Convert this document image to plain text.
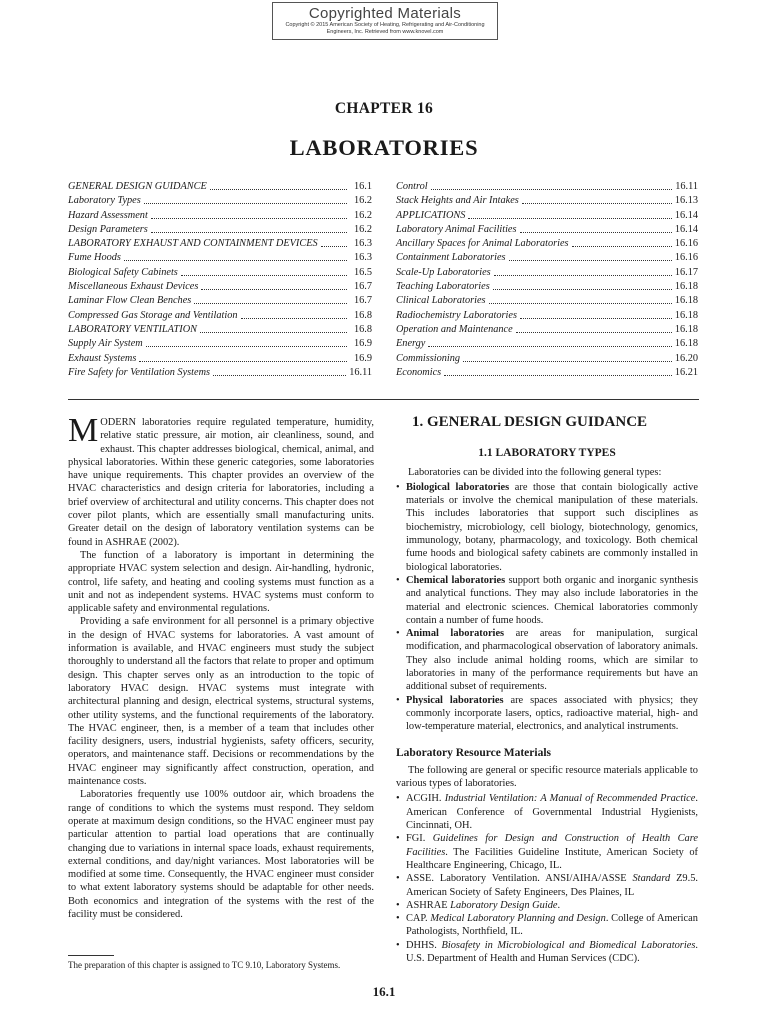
Copyrighted Materials
Copyright © 2015 American Society of Heating, Refrigerating and Air-Conditioning
Engineers, Inc. Retrieved from www.knovel.com
CHAPTER 16
LABORATORIES
GENERAL DESIGN GUIDANCE	16.1
Laboratory Types	16.2
Hazard Assessment	16.2
Design Parameters	16.2
LABORATORY EXHAUST AND CONTAINMENT DEVICES	16.3
Fume Hoods	16.3
Biological Safety Cabinets	16.5
Miscellaneous Exhaust Devices	16.7
Laminar Flow Clean Benches	16.7
Compressed Gas Storage and Ventilation	16.8
LABORATORY VENTILATION	16.8
Supply Air System	16.9
Exhaust Systems	16.9
Fire Safety for Ventilation Systems	16.11
Control	16.11
Stack Heights and Air Intakes	16.13
APPLICATIONS	16.14
Laboratory Animal Facilities	16.14
Ancillary Spaces for Animal Laboratories	16.16
Containment Laboratories	16.16
Scale-Up Laboratories	16.17
Teaching Laboratories	16.18
Clinical Laboratories	16.18
Radiochemistry Laboratories	16.18
Operation and Maintenance	16.18
Energy	16.18
Commissioning	16.20
Economics	16.21

MODERN laboratories require regulated temperature, humidity, relative static pressure, air motion, air cleanliness, sound, and exhaust. This chapter addresses biological, chemical, animal, and physical laboratories. Within these generic categories, some laboratories have unique requirements. This chapter provides an overview of the HVAC characteristics and design criteria for laboratories, including a brief overview of architectural and utility concerns. This chapter does not cover pilot plants, which are essentially small manufacturing units. Greater detail on the design of laboratory ventilation systems can be found in ASHRAE (2002).

The function of a laboratory is important in determining the appropriate HVAC system selection and design. Air-handling, hydronic, control, life safety, and heating and cooling systems must function as a unit and not as independent systems. HVAC systems must conform to applicable safety and environmental regulations.

Providing a safe environment for all personnel is a primary objective in the design of HVAC systems for laboratories. A vast amount of information is available, and HVAC engineers must study the subject thoroughly to understand all the factors that relate to proper and optimum design. This chapter serves only as an introduction to the topic of laboratory HVAC design. HVAC systems must integrate with architectural planning and design, electrical systems, structural systems, other utility systems, and the functional requirements of the laboratory. The HVAC engineer, then, is a member of a team that includes other facility designers, users, industrial hygienists, safety officers, security, operators, and maintenance staff. Decisions or recommendations by the HVAC engineer may significantly affect construction, operation, and maintenance costs.

Laboratories frequently use 100% outdoor air, which broadens the range of conditions to which the systems must respond. They seldom operate at maximum design conditions, so the HVAC engineer must pay particular attention to partial load operations that are continually changing due to variations in internal space loads, exhaust requirements, external conditions, and day/night variances. Most laboratories will be modified at some time. Consequently, the HVAC engineer must consider to what extent laboratory systems should be adaptable for other needs. Both economics and integration of the systems with the rest of the facility must be considered.

The preparation of this chapter is assigned to TC 9.10, Laboratory Systems.
1. GENERAL DESIGN GUIDANCE
1.1 LABORATORY TYPES

Laboratories can be divided into the following general types:

• Biological laboratories are those that contain biologically active materials or involve the chemical manipulation of these materials. This includes laboratories that support such disciplines as biochemistry, microbiology, cell biology, biotechnology, genomics, immunology, botany, pharmacology, and toxicology. Both chemical fume hoods and biological safety cabinets are commonly installed in biological laboratories.
• Chemical laboratories support both organic and inorganic synthesis and analytical functions. They may also include laboratories in the material and electronic sciences. Chemical laboratories commonly contain a number of fume hoods.
• Animal laboratories are areas for manipulation, surgical modification, and pharmacological observation of laboratory animals. They also include animal holding rooms, which are similar to laboratories in many of the performance requirements but have an additional subset of requirements.
• Physical laboratories are spaces associated with physics; they commonly incorporate lasers, optics, radioactive material, high- and low-temperature material, electronics, and analytical instruments.
Laboratory Resource Materials

The following are general or specific resource materials applicable to various types of laboratories.

• ACGIH. Industrial Ventilation: A Manual of Recommended Practice. American Conference of Governmental Industrial Hygienists, Cincinnati, OH.
• FGI. Guidelines for Design and Construction of Health Care Facilities. The Facilities Guideline Institute, American Society of Healthcare Engineering, Chicago, IL.
• ASSE. Laboratory Ventilation. ANSI/AIHA/ASSE Standard Z9.5. American Society of Safety Engineers, Des Plaines, IL
• ASHRAE Laboratory Design Guide.
• CAP. Medical Laboratory Planning and Design. College of American Pathologists, Northfield, IL.
• DHHS. Biosafety in Microbiological and Biomedical Laboratories. U.S. Department of Health and Human Services (CDC).
16.1
